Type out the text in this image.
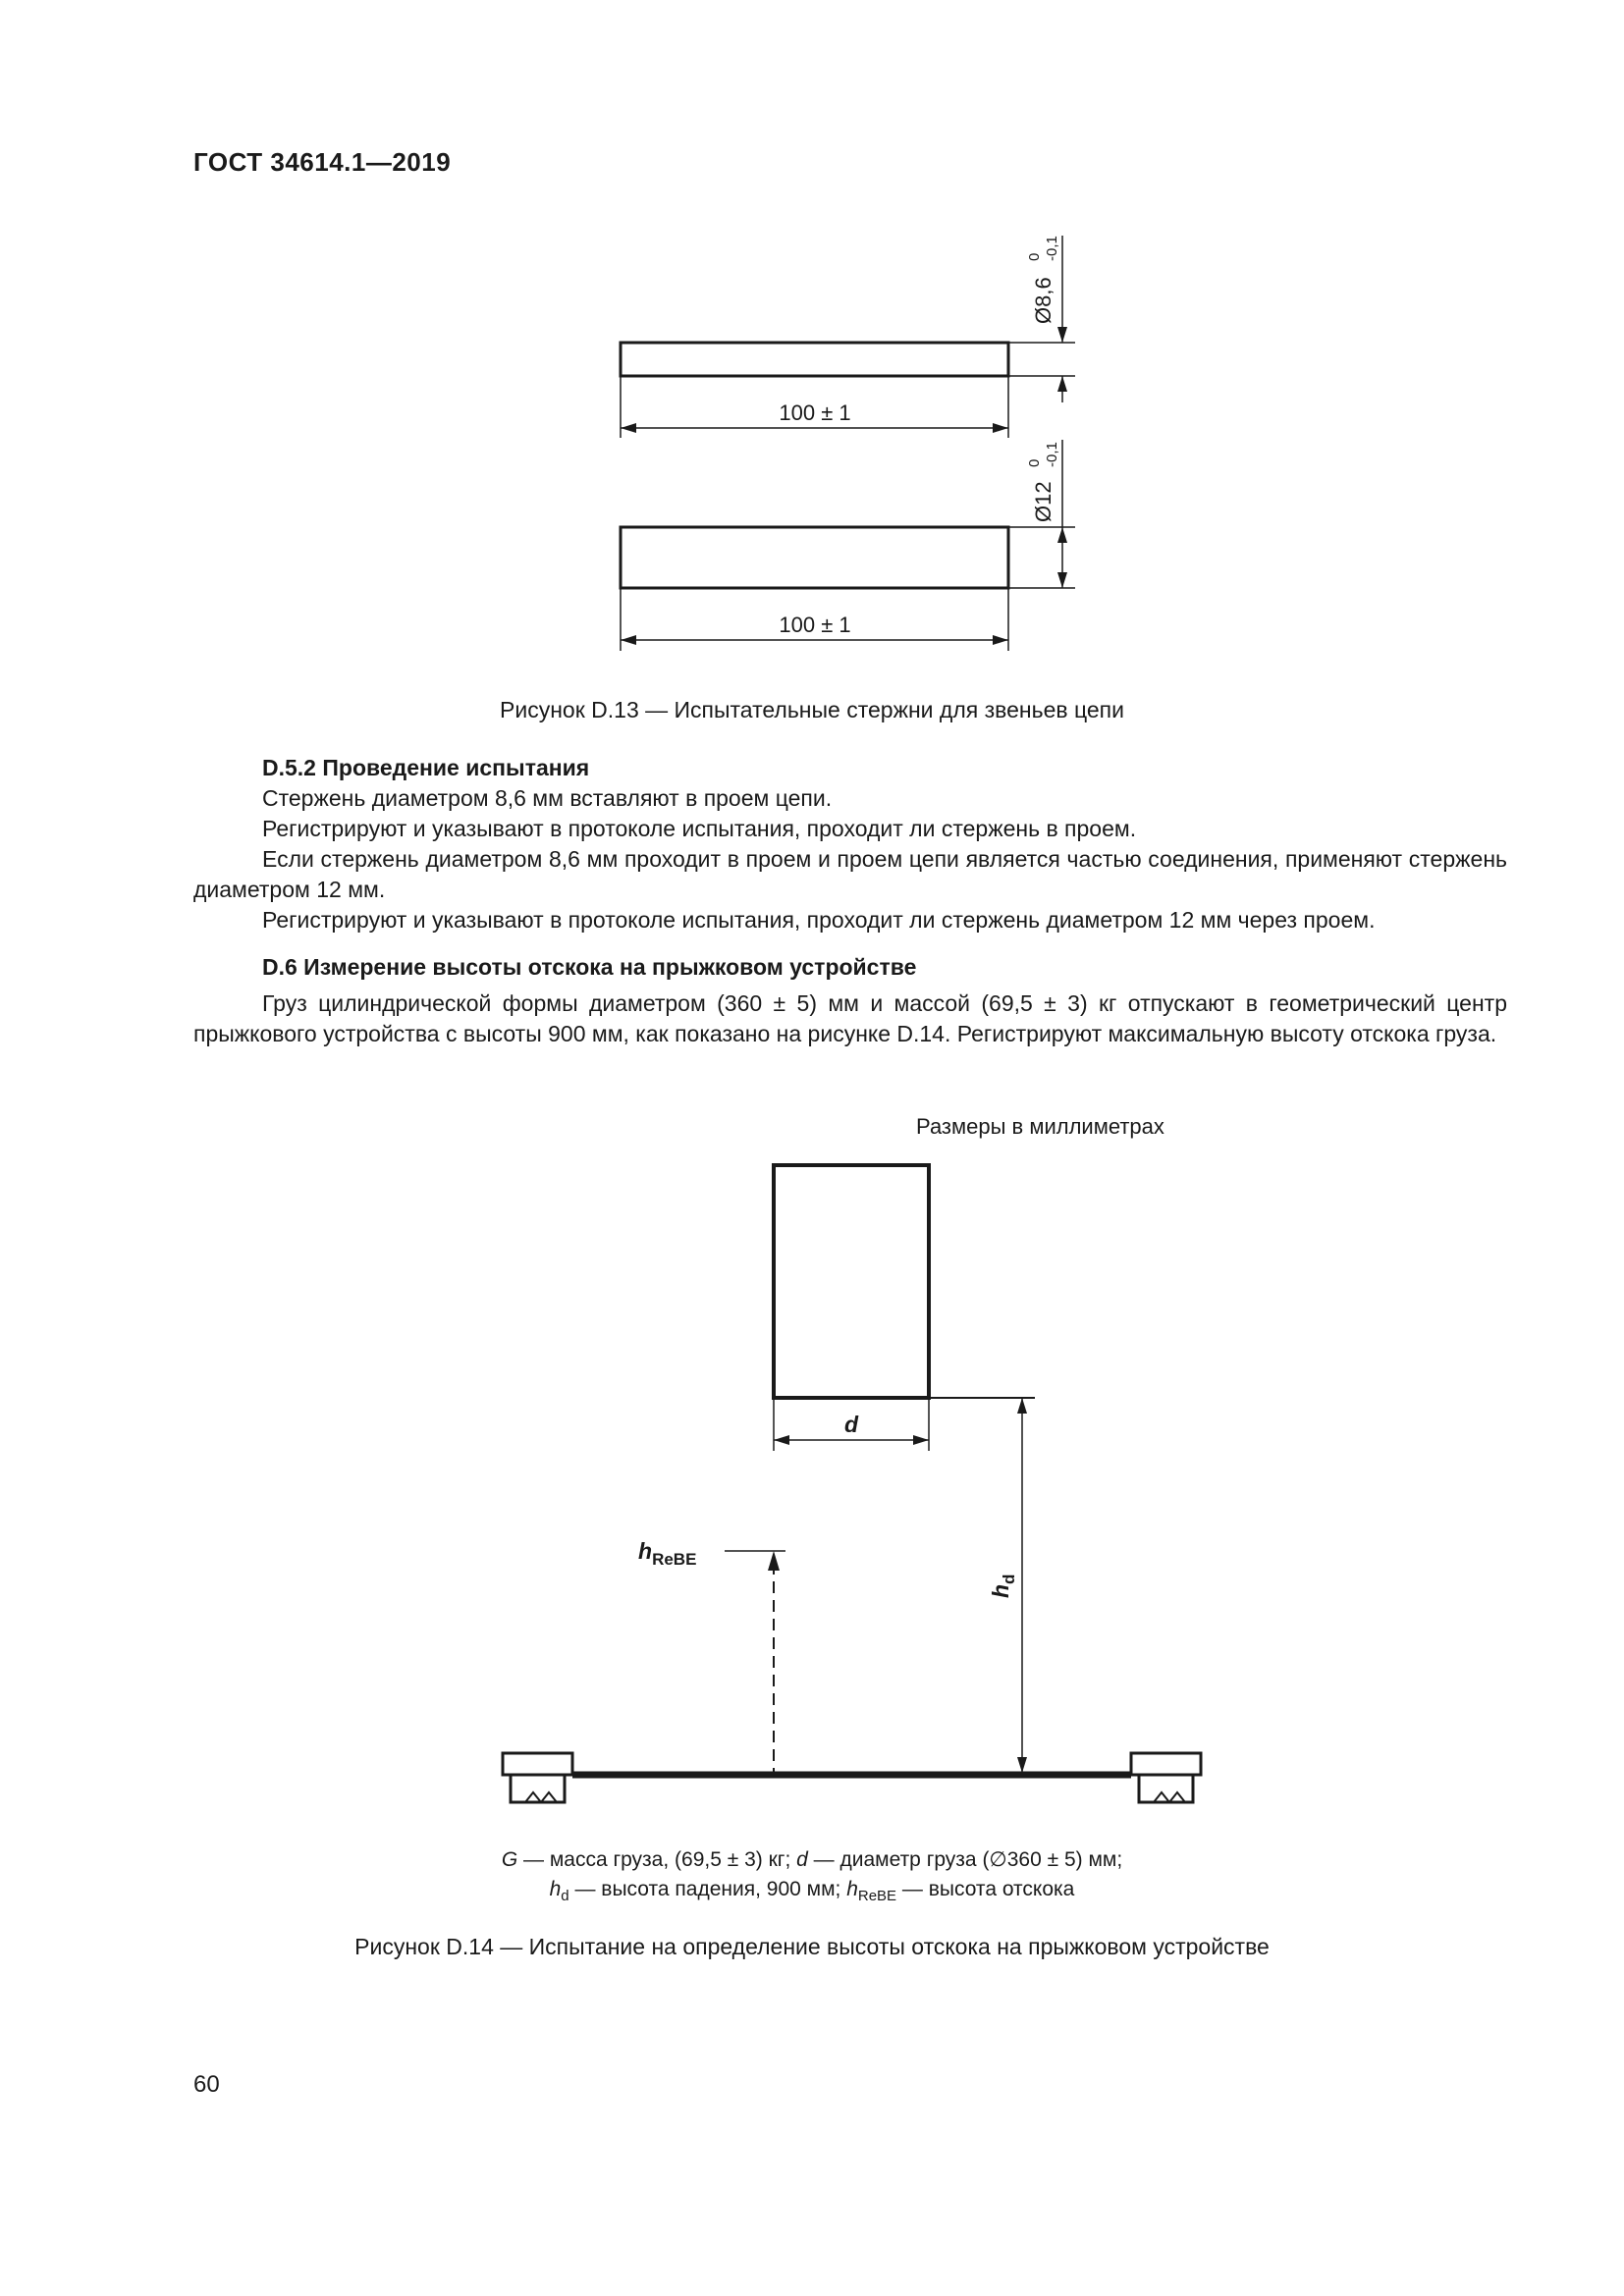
ГОСТ 34614.1—2019
100 ± 1
100 ± 1
Ø8,6
0 -0,1
Ø12
0 -0,1
Рисунок D.13 — Испытательные стержни для звеньев цепи

D.5.2 Проведение испытания

Стержень диаметром 8,6 мм вставляют в проем цепи.

Регистрируют и указывают в протоколе испытания, проходит ли стержень в проем.

Если стержень диаметром 8,6 мм проходит в проем и проем цепи является частью соединения, применяют стержень диаметром 12 мм.

Регистрируют и указывают в протоколе испытания, проходит ли стержень диаметром 12 мм через проем.

D.6 Измерение высоты отскока на прыжковом устройстве

Груз цилиндрической формы диаметром (360 ± 5) мм и массой (69,5 ± 3) кг отпускают в геометрический центр прыжкового устройства с высоты 900 мм, как показано на рисунке D.14. Регистрируют максимальную высоту отскока груза.

Размеры в миллиметрах
d
$h_{ReBE}$
$h_d$
G — масса груза, (69,5 ± 3) кг; d — диаметр груза (∅360 ± 5) мм;
$h_d$ — высота падения, 900 мм; $h_{ReBE}$ — высота отскока
Рисунок D.14 — Испытание на определение высоты отскока на прыжковом устройстве
60
